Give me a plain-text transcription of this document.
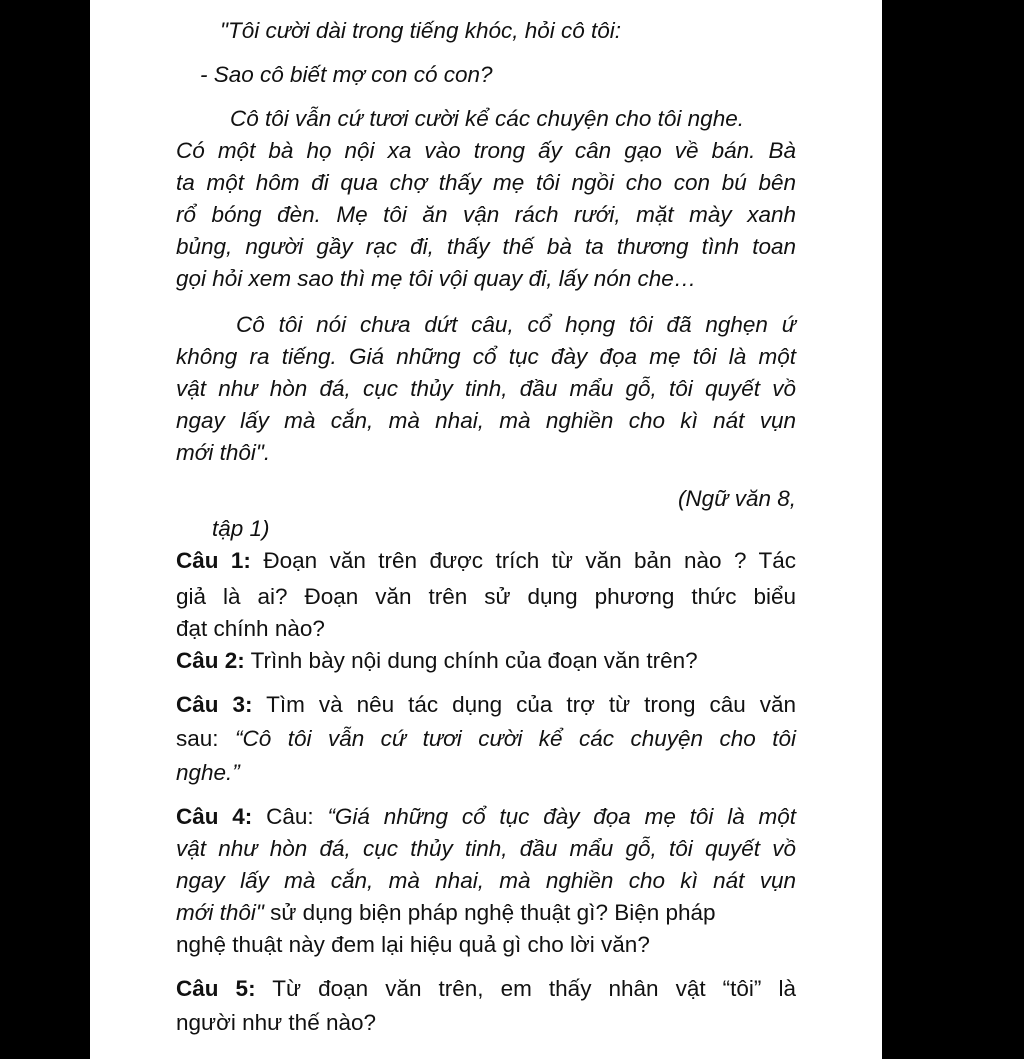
"Tôi cười dài trong tiếng khóc, hỏi cô tôi:
- Sao cô biết mợ con có con?
Cô tôi vẫn cứ tươi cười kể các chuyện cho tôi nghe.
Có một bà họ nội xa vào trong ấy cân gạo về bán. Bà
ta một hôm đi qua chợ thấy mẹ tôi ngồi cho con bú bên
rổ bóng đèn. Mẹ tôi ăn vận rách rưới, mặt mày xanh
bủng, người gầy rạc đi, thấy thế bà ta thương tình toan
gọi hỏi xem sao thì mẹ tôi vội quay đi, lấy nón che…
Cô tôi nói chưa dứt câu, cổ họng tôi đã nghẹn ứ
không ra tiếng. Giá những cổ tục đày đọa mẹ tôi là một
vật như hòn đá, cục thủy tinh, đầu mẩu gỗ, tôi quyết vồ
ngay lấy mà cắn, mà nhai, mà nghiền cho kì nát vụn
mới thôi".
(Ngữ văn 8,
tập 1)
Câu 1: Đoạn văn trên được trích từ văn bản nào ? Tác
giả là ai? Đoạn văn trên sử dụng phương thức biểu
đạt chính nào?
Câu 2: Trình bày nội dung chính của đoạn văn trên?
Câu 3: Tìm và nêu tác dụng của trợ từ trong câu văn
sau: “Cô tôi vẫn cứ tươi cười kể các chuyện cho tôi
nghe.”
Câu 4: Câu: “Giá những cổ tục đày đọa mẹ tôi là một
vật như hòn đá, cục thủy tinh, đầu mẩu gỗ, tôi quyết vồ
ngay lấy mà cắn, mà nhai, mà nghiền cho kì nát vụn
mới thôi" sử dụng biện pháp nghệ thuật gì? Biện pháp
nghệ thuật này đem lại hiệu quả gì cho lời văn?
Câu 5: Từ đoạn văn trên, em thấy nhân vật “tôi” là
người như thế nào?
